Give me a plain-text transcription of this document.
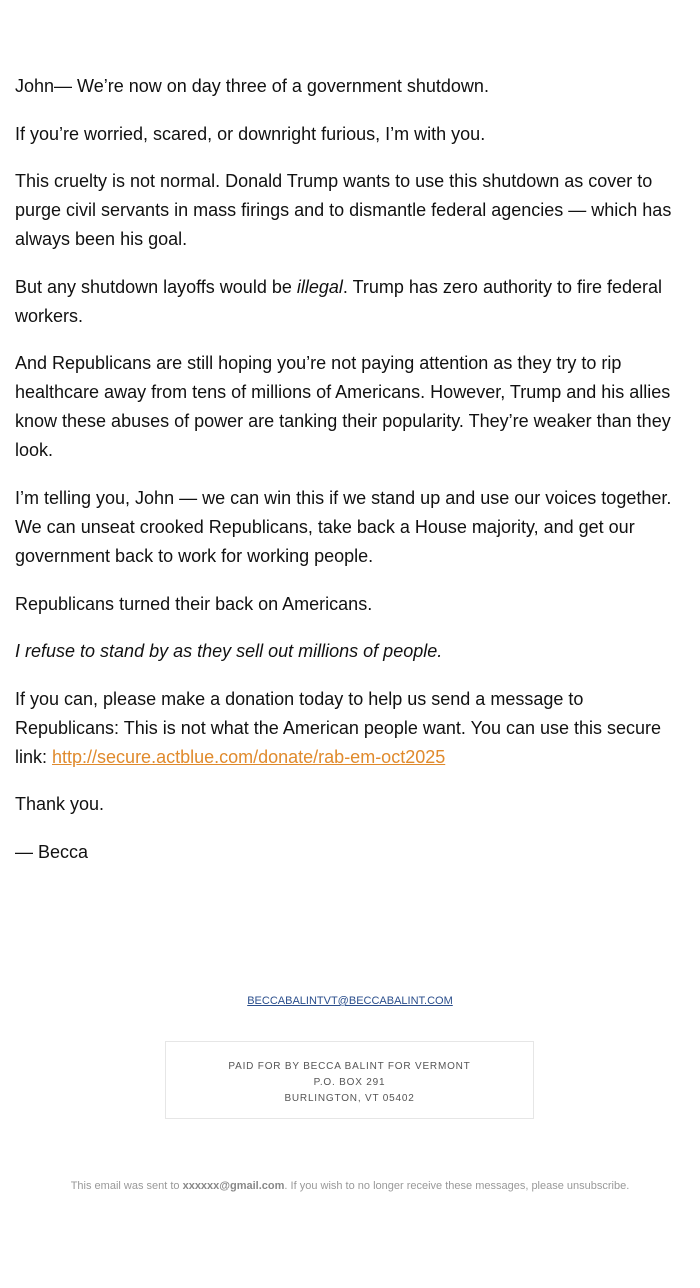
John— We’re now on day three of a government shutdown.

If you’re worried, scared, or downright furious, I’m with you.

This cruelty is not normal. Donald Trump wants to use this shutdown as cover to purge civil servants in mass firings and to dismantle federal agencies — which has always been his goal.

But any shutdown layoffs would be illegal. Trump has zero authority to fire federal workers.

And Republicans are still hoping you’re not paying attention as they try to rip healthcare away from tens of millions of Americans. However, Trump and his allies know these abuses of power are tanking their popularity. They’re weaker than they look.

I’m telling you, John — we can win this if we stand up and use our voices together. We can unseat crooked Republicans, take back a House majority, and get our government back to work for working people.

Republicans turned their back on Americans.

I refuse to stand by as they sell out millions of people.

If you can, please make a donation today to help us send a message to Republicans: This is not what the American people want. You can use this secure link: http://secure.actblue.com/donate/rab-em-oct2025

Thank you.

— Becca

BECCABALINTVT@BECCABALINT.COM
PAID FOR BY BECCA BALINT FOR VERMONT
P.O. BOX 291
BURLINGTON, VT 05402
This email was sent to xxxxxx@gmail.com. If you wish to no longer receive these messages, please unsubscribe.
